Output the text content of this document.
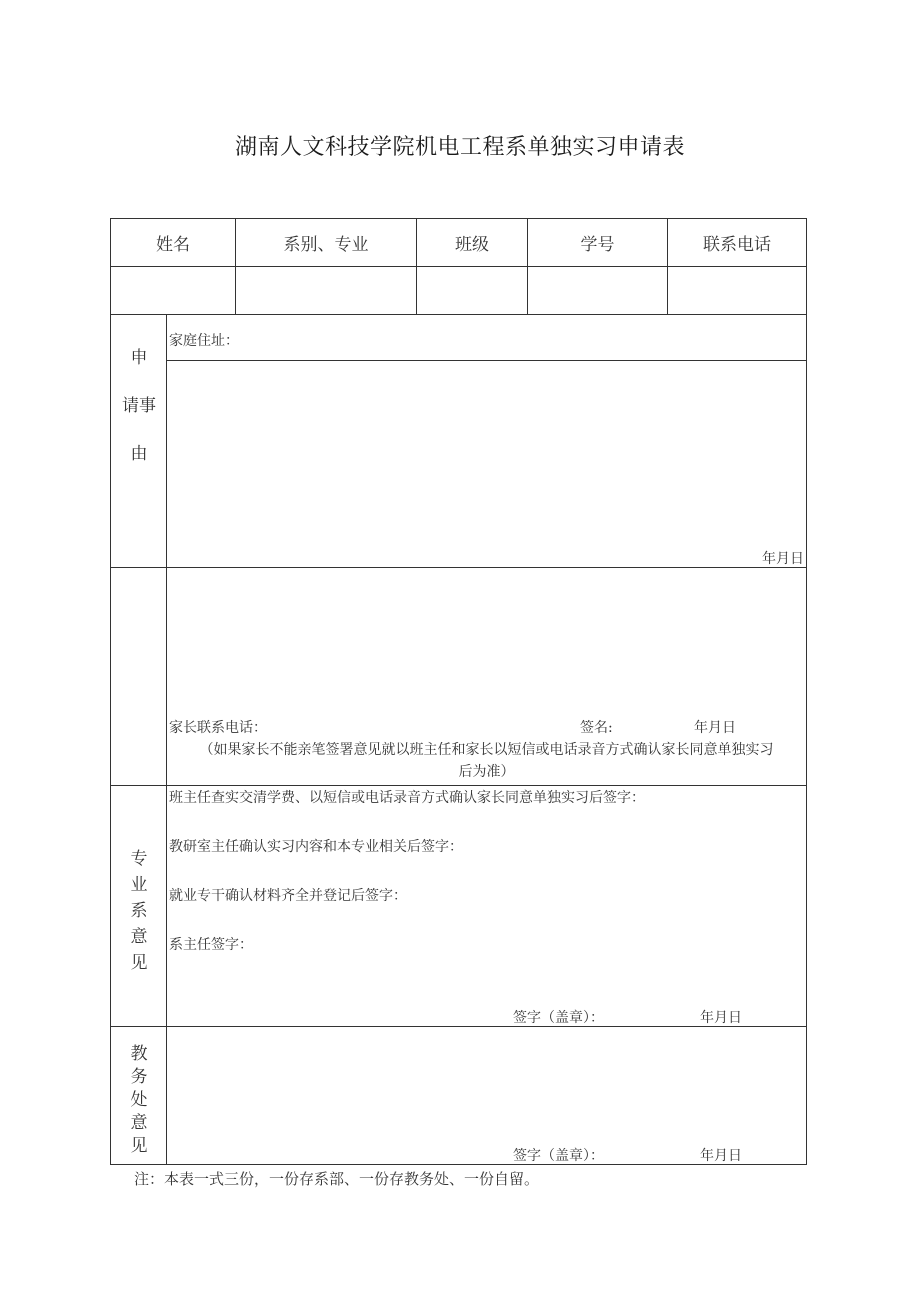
湖南人文科技学院机电工程系单独实习申请表
姓名	系别、专业	班级	学号	联系电话
申
请事
由
家庭住址：
年月日
家长联系电话：	签名:	年月日
（如果家长不能亲笔签署意见就以班主任和家长以短信或电话录音方式确认家长同意单独实习
后为准）
专
业
系
意
见
班主任查实交清学费、以短信或电话录音方式确认家长同意单独实习后签字：
教研室主任确认实习内容和本专业相关后签字：
就业专干确认材料齐全并登记后签字：
系主任签字：
签字（盖章）：	年月日
教
务
处
意
见	签字（盖章）：	年月日
注：本表一式三份，一份存系部、一份存教务处、一份自留。
